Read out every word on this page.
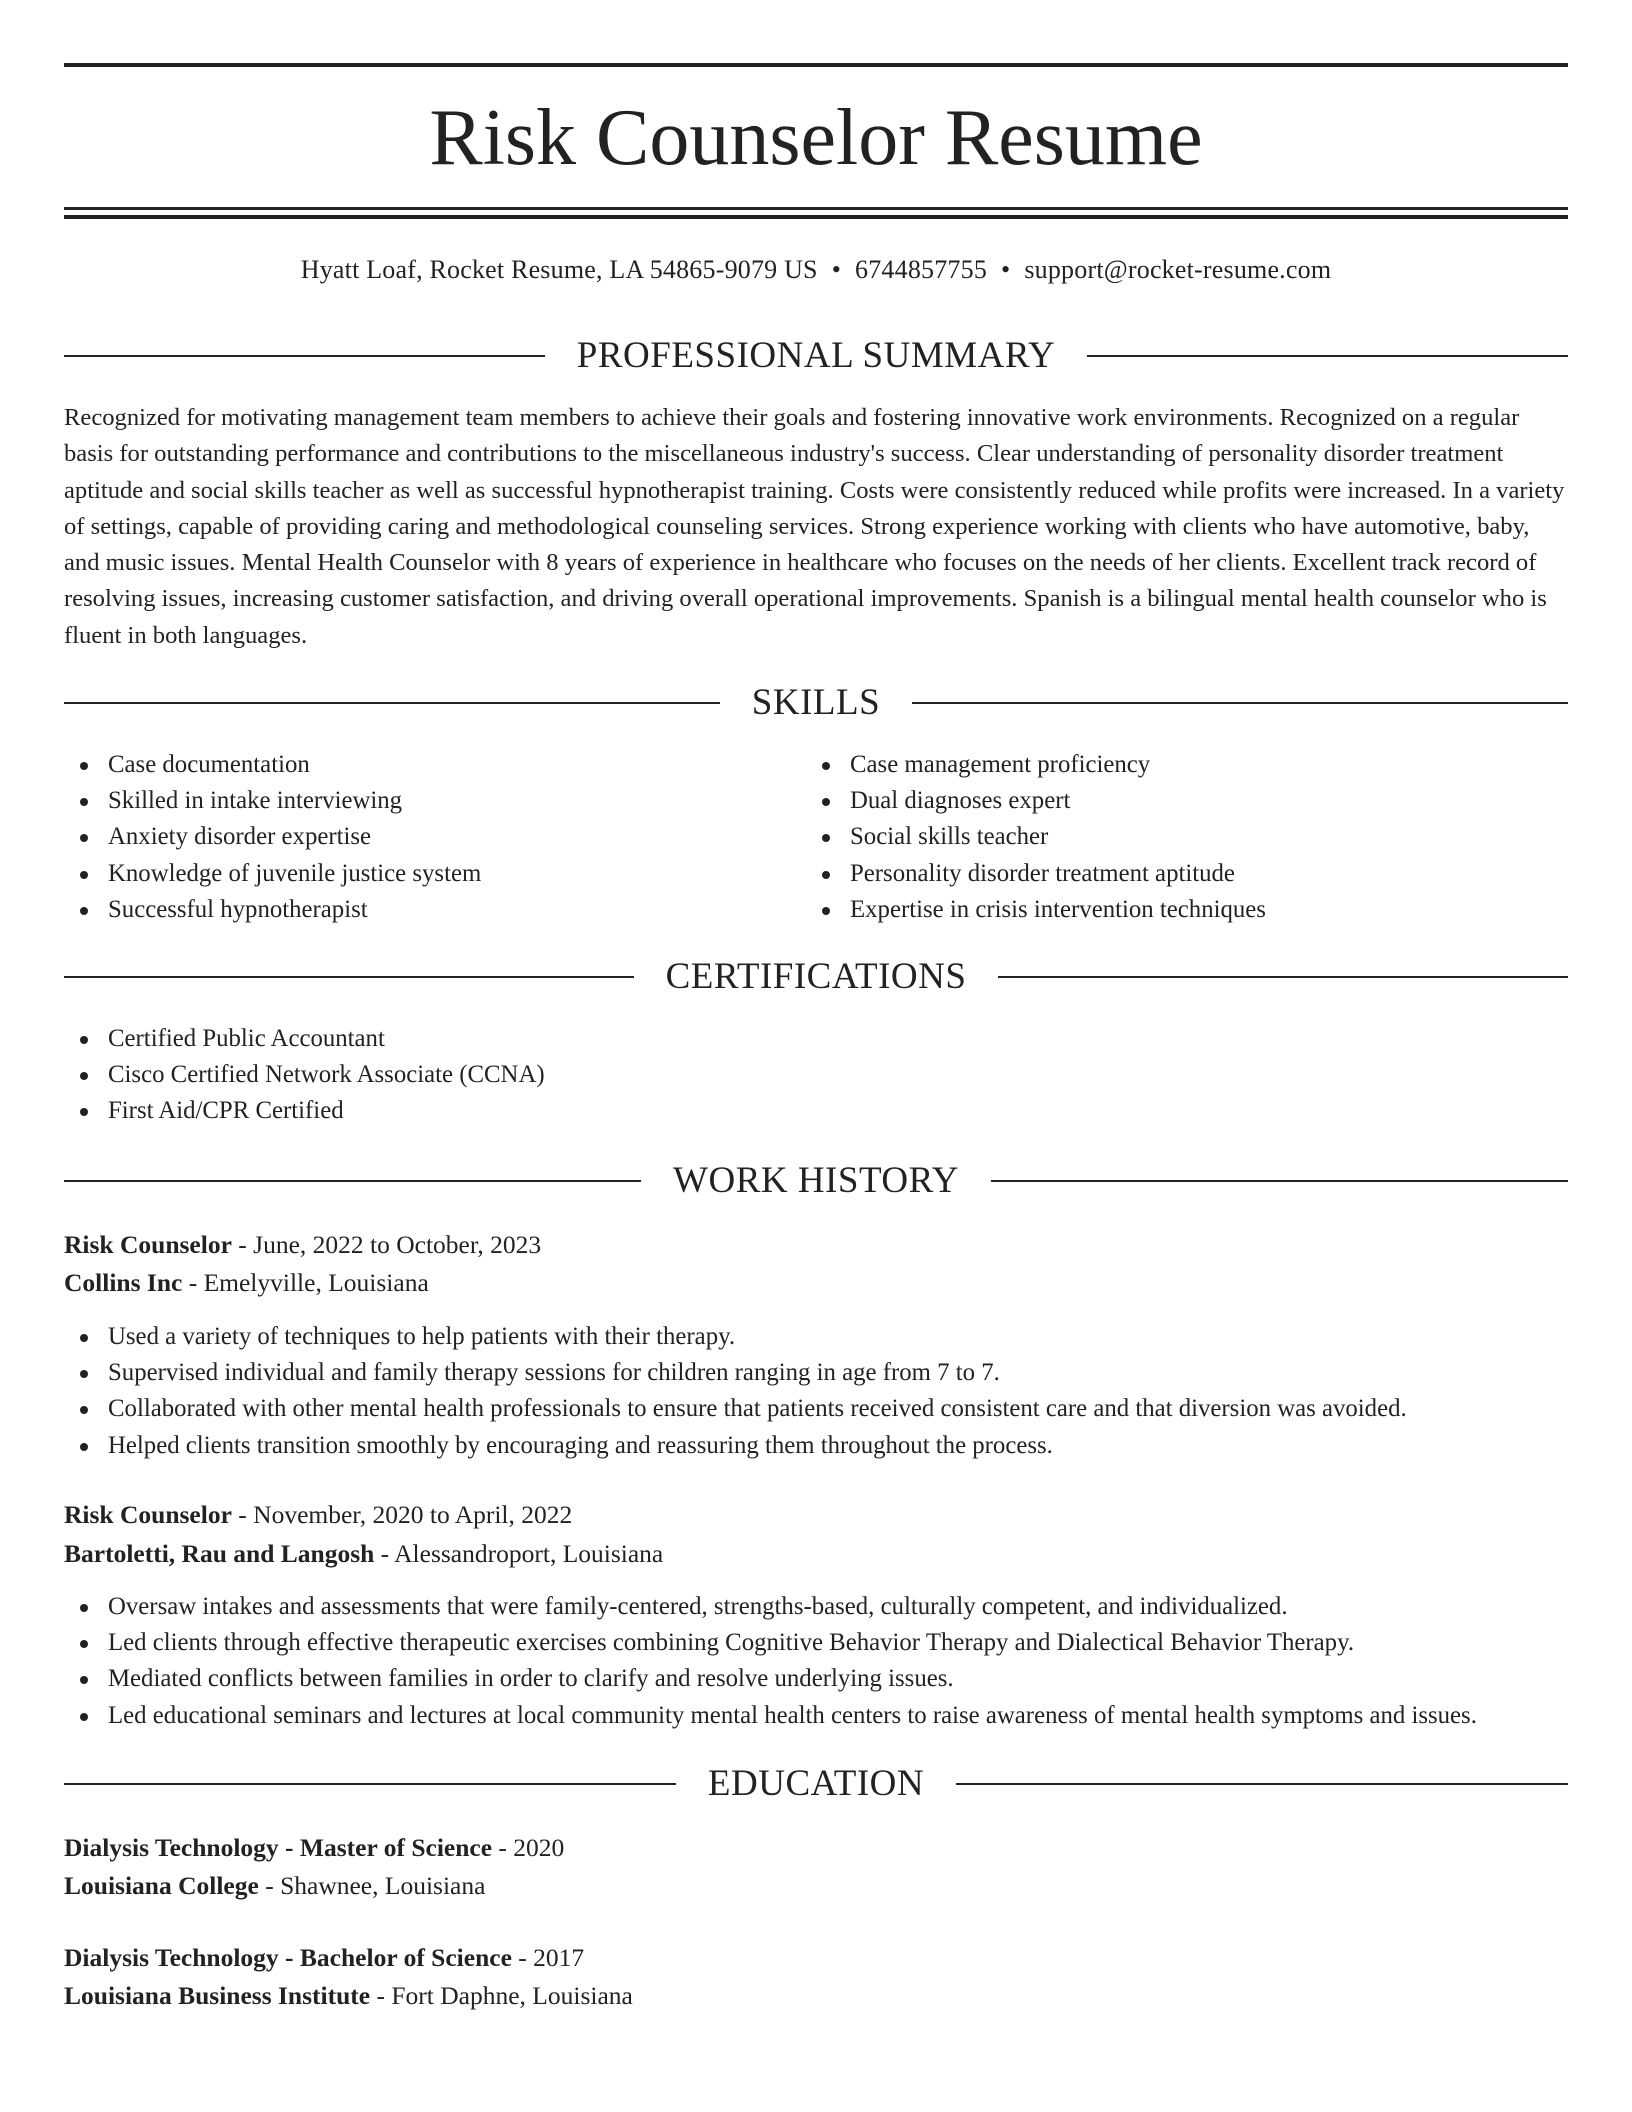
Risk Counselor Resume
Hyatt Loaf, Rocket Resume, LA 54865-9079 US • 6744857755 • support@rocket-resume.com
PROFESSIONAL SUMMARY

Recognized for motivating management team members to achieve their goals and fostering innovative work environments. Recognized on a regular basis for outstanding performance and contributions to the miscellaneous industry's success. Clear understanding of personality disorder treatment aptitude and social skills teacher as well as successful hypnotherapist training. Costs were consistently reduced while profits were increased. In a variety of settings, capable of providing caring and methodological counseling services. Strong experience working with clients who have automotive, baby, and music issues. Mental Health Counselor with 8 years of experience in healthcare who focuses on the needs of her clients. Excellent track record of resolving issues, increasing customer satisfaction, and driving overall operational improvements. Spanish is a bilingual mental health counselor who is fluent in both languages.

SKILLS
Case documentation
Skilled in intake interviewing
Anxiety disorder expertise
Knowledge of juvenile justice system
Successful hypnotherapist
Case management proficiency
Dual diagnoses expert
Social skills teacher
Personality disorder treatment aptitude
Expertise in crisis intervention techniques
CERTIFICATIONS
Certified Public Accountant
Cisco Certified Network Associate (CCNA)
First Aid/CPR Certified
WORK HISTORY
Risk Counselor - June, 2022 to October, 2023
Collins Inc - Emelyville, Louisiana
Used a variety of techniques to help patients with their therapy.
Supervised individual and family therapy sessions for children ranging in age from 7 to 7.
Collaborated with other mental health professionals to ensure that patients received consistent care and that diversion was avoided.
Helped clients transition smoothly by encouraging and reassuring them throughout the process.
Risk Counselor - November, 2020 to April, 2022
Bartoletti, Rau and Langosh - Alessandroport, Louisiana
Oversaw intakes and assessments that were family-centered, strengths-based, culturally competent, and individualized.
Led clients through effective therapeutic exercises combining Cognitive Behavior Therapy and Dialectical Behavior Therapy.
Mediated conflicts between families in order to clarify and resolve underlying issues.
Led educational seminars and lectures at local community mental health centers to raise awareness of mental health symptoms and issues.
EDUCATION
Dialysis Technology - Master of Science - 2020
Louisiana College - Shawnee, Louisiana
Dialysis Technology - Bachelor of Science - 2017
Louisiana Business Institute - Fort Daphne, Louisiana
